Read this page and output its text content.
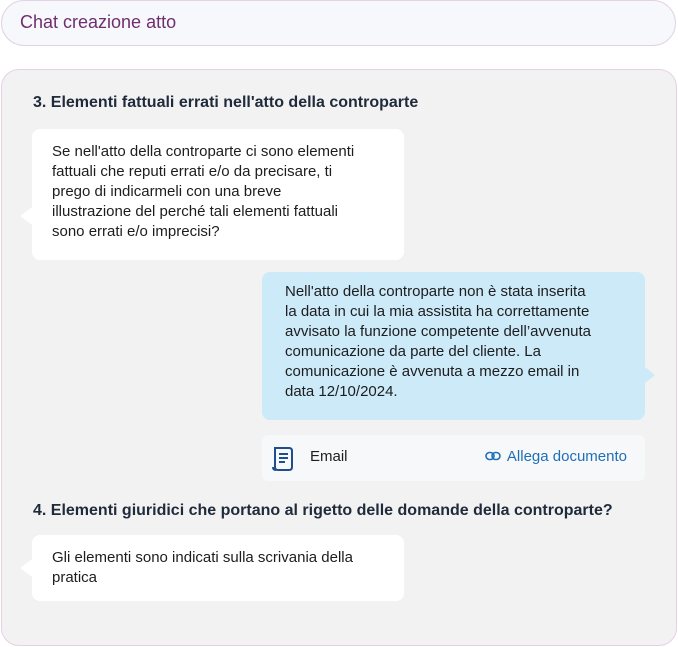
Chat creazione atto
3. Elementi fattuali errati nell'atto della controparte
Se nell'atto della controparte ci sono elementi
fattuali che reputi errati e/o da precisare, ti
prego di indicarmeli con una breve
illustrazione del perché tali elementi fattuali
sono errati e/o imprecisi?
Nell'atto della controparte non è stata inserita
la data in cui la mia assistita ha correttamente
avvisato la funzione competente dell’avvenuta
comunicazione da parte del cliente. La
comunicazione è avvenuta a mezzo email in
data 12/10/2024.
Email	Allega documento
4. Elementi giuridici che portano al rigetto delle domande della controparte?
Gli elementi sono indicati sulla scrivania della
pratica
